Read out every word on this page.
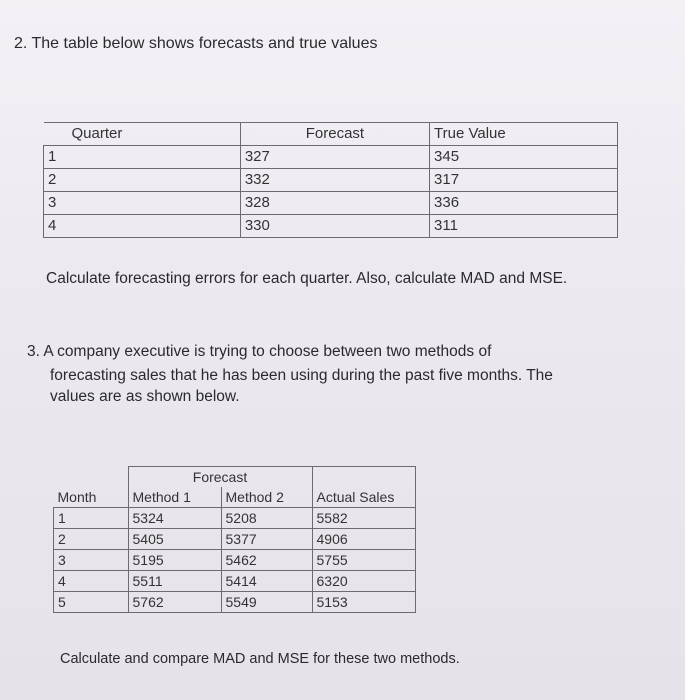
2. The table below shows forecasts and true values
Quarter	Forecast	True Value
1	327	345
2	332	317
3	328	336
4	330	311
Calculate forecasting errors for each quarter. Also, calculate MAD and MSE.
3. A company executive is trying to choose between two methods of
forecasting sales that he has been using during the past five months. The
values are as shown below.
	Forecast		
Month	Method 1	Method 2	Actual Sales
1	5324	5208	5582
2	5405	5377	4906
3	5195	5462	5755
4	5511	5414	6320
5	5762	5549	5153
Calculate and compare MAD and MSE for these two methods.
